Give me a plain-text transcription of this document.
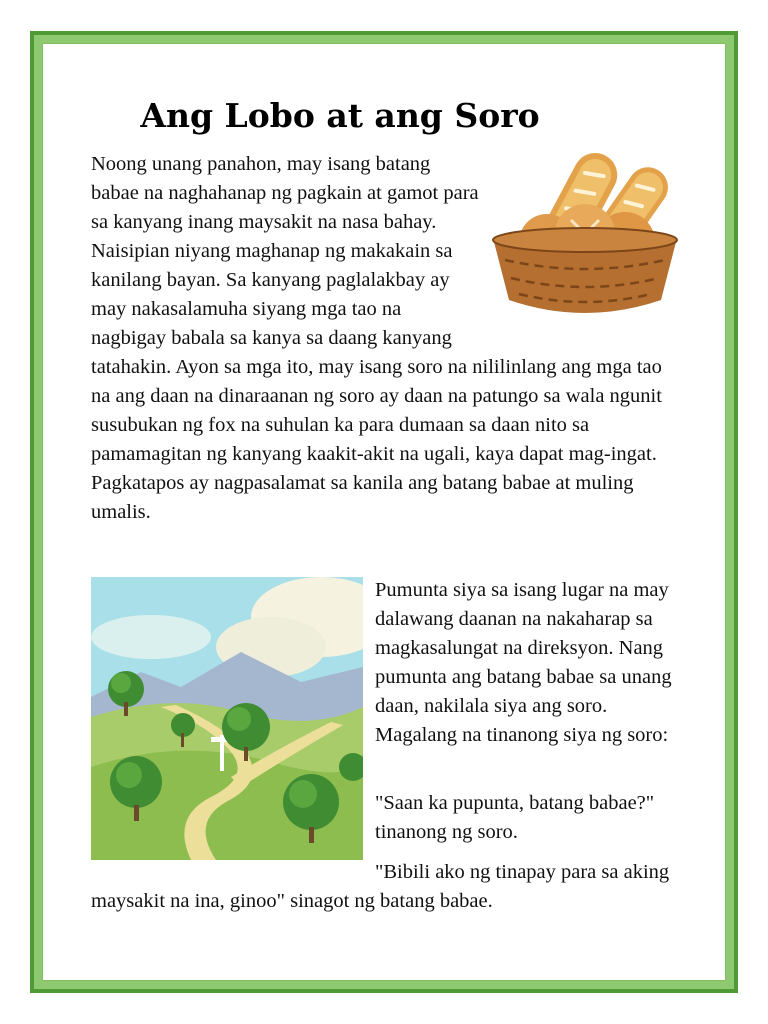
Ang Lobo at ang Soro
Noong unang panahon, may isang batang babae na naghahanap ng pagkain at gamot para sa kanyang inang maysakit na nasa bahay. Naisipian niyang maghanap ng makakain sa kanilang bayan. Sa kanyang paglalakbay ay may nakasalamuha siyang mga tao na nagbigay babala sa kanya sa daang kanyang tatahakin. Ayon sa mga ito, may isang soro na nililinlang ang mga tao na ang daan na dinaraanan ng soro ay daan na patungo sa wala ngunit susubukan ng fox na suhulan ka para dumaan sa daan nito sa pamamagitan ng kanyang kaakit-akit na ugali, kaya dapat mag-ingat. Pagkatapos ay nagpasalamat sa kanila ang batang babae at muling umalis.

Pumunta siya sa isang lugar na may dalawang daanan na nakaharap sa magkasalungat na direksyon. Nang pumunta ang batang babae sa unang daan, nakilala siya ang soro. Magalang na tinanong siya ng soro:

"Saan ka pupunta, batang babae?" tinanong ng soro.

"Bibili ako ng tinapay para sa aking maysakit na ina, ginoo" sinagot ng batang babae.
